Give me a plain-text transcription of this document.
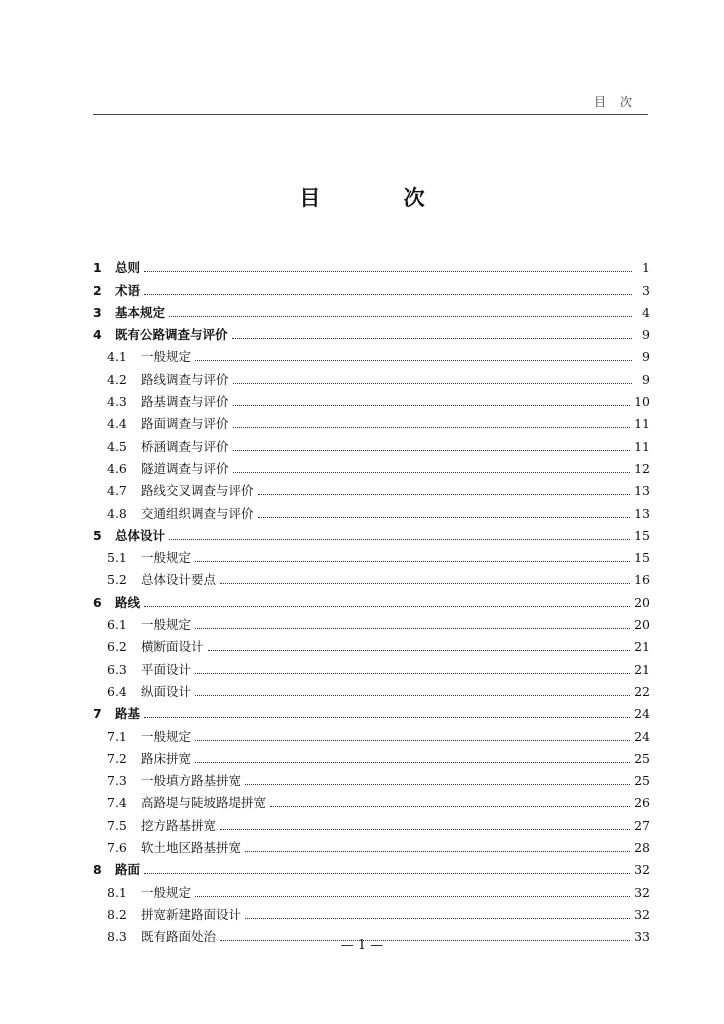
目次
目 次
1	总则	1
2	术语	3
3	基本规定	4
4	既有公路调查与评价	9
4.1	一般规定	9
4.2	路线调查与评价	9
4.3	路基调查与评价	10
4.4	路面调查与评价	11
4.5	桥涵调查与评价	11
4.6	隧道调查与评价	12
4.7	路线交叉调查与评价	13
4.8	交通组织调查与评价	13
5	总体设计	15
5.1	一般规定	15
5.2	总体设计要点	16
6	路线	20
6.1	一般规定	20
6.2	横断面设计	21
6.3	平面设计	21
6.4	纵面设计	22
7	路基	24
7.1	一般规定	24
7.2	路床拼宽	25
7.3	一般填方路基拼宽	25
7.4	高路堤与陡坡路堤拼宽	26
7.5	挖方路基拼宽	27
7.6	软土地区路基拼宽	28
8	路面	32
8.1	一般规定	32
8.2	拼宽新建路面设计	32
8.3	既有路面处治	33
— 1 —
